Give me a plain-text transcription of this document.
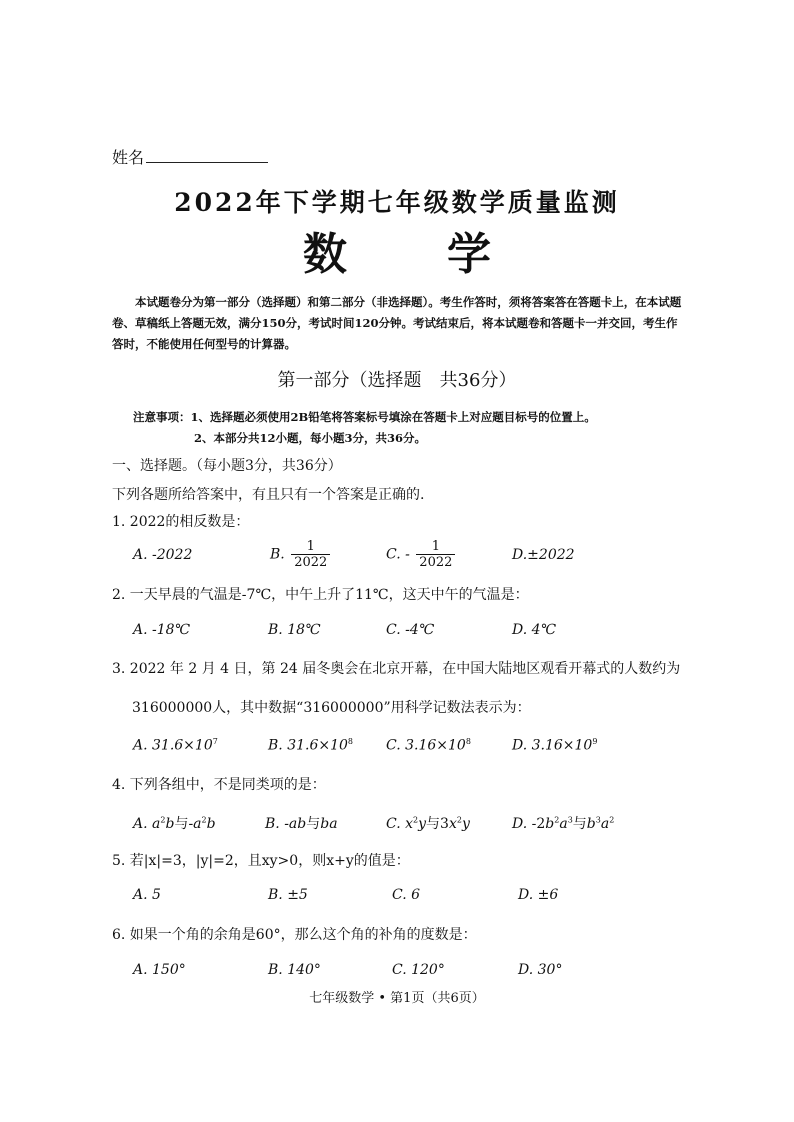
姓名
2022年下学期七年级数学质量监测
数学
本试题卷分为第一部分（选择题）和第二部分（非选择题）。考生作答时，须将答案答在答题卡上，在本试题卷、草稿纸上答题无效，满分150分，考试时间120分钟。考试结束后，将本试题卷和答题卡一并交回，考生作答时，不能使用任何型号的计算器。
第一部分（选择题　共36分）
注意事项：1、选择题必须使用2B铅笔将答案标号填涂在答题卡上对应题目标号的位置上。
2、本部分共12小题，每小题3分，共36分。
一、选择题。（每小题3分，共36分）
下列各题所给答案中，有且只有一个答案是正确的.
1. 2022的相反数是：
A. -2022	B. $\frac{1}{2022}$	C. - $\frac{1}{2022}$	D.±2022
2. 一天早晨的气温是-7℃，中午上升了11℃，这天中午的气温是：
A. -18℃	B. 18℃	C. -4℃	D. 4℃
3. 2022 年 2 月 4 日，第 24 届冬奥会在北京开幕，在中国大陆地区观看开幕式的人数约为
316000000人，其中数据“316000000”用科学记数法表示为：
A. $31.6\times 10^7$	B. $31.6\times 10^8$ C. $3.16\times 10^8$	D. $3.16\times 10^9$
4. 下列各组中，不是同类项的是：
A. $a^2b$与$-a^2b$	B. -ab与ba	C. $x^2y$与$3x^2y$	D. $-2b^2a^3$与$b^3a^2$
5. 若|x|=3，|y|=2，且xy>0，则x+y的值是：
A. 5	B. ±5	C. 6	D. ±6
6. 如果一个角的余角是60°，那么这个角的补角的度数是：
A. 150°	B. 140°	C. 120°	D. 30°
七年级数学 • 第1页（共6页）
